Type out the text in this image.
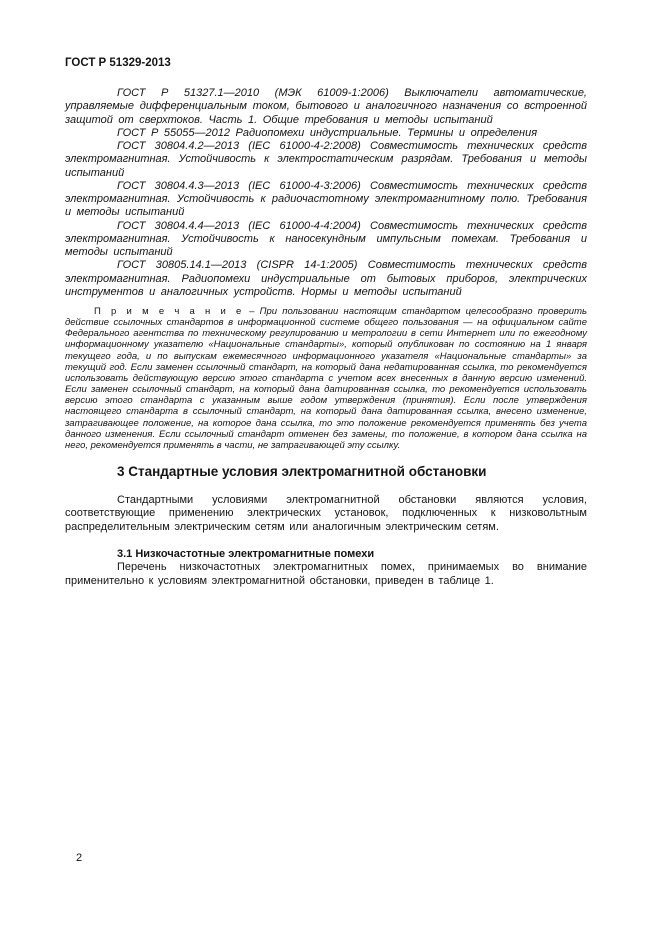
ГОСТ Р 51329-2013

ГОСТ Р 51327.1—2010 (МЭК 61009-1:2006) Выключатели автоматические, управляемые дифференциальным током, бытового и аналогичного назначения со встроенной защитой от сверхтоков. Часть 1. Общие требования и методы испытаний

ГОСТ Р 55055—2012 Радиопомехи индустриальные. Термины и определения

ГОСТ 30804.4.2—2013 (IEC 61000-4-2:2008) Совместимость технических средств электромагнитная. Устойчивость к электростатическим разрядам. Требования и методы испытаний

ГОСТ 30804.4.3—2013 (IEC 61000-4-3:2006) Совместимость технических средств электромагнитная. Устойчивость к радиочастотному электромагнитному полю. Требования и методы испытаний

ГОСТ 30804.4.4—2013 (IEC 61000-4-4:2004) Совместимость технических средств электромагнитная. Устойчивость к наносекундным импульсным помехам. Требования и методы испытаний

ГОСТ 30805.14.1—2013 (CISPR 14-1:2005) Совместимость технических средств электромагнитная. Радиопомехи индустриальные от бытовых приборов, электрических инструментов и аналогичных устройств. Нормы и методы испытаний

П р и м е ч а н и е – При пользовании настоящим стандартом целесообразно проверить действие ссылочных стандартов в информационной системе общего пользования — на официальном сайте Федерального агентства по техническому регулированию и метрологии в сети Интернет или по ежегодному информационному указателю «Национальные стандарты», который опубликован по состоянию на 1 января текущего года, и по выпускам ежемесячного информационного указателя «Национальные стандарты» за текущий год. Если заменен ссылочный стандарт, на который дана недатированная ссылка, то рекомендуется использовать действующую версию этого стандарта с учетом всех внесенных в данную версию изменений. Если заменен ссылочный стандарт, на который дана датированная ссылка, то рекомендуется использовать версию этого стандарта с указанным выше годом утверждения (принятия). Если после утверждения настоящего стандарта в ссылочный стандарт, на который дана датированная ссылка, внесено изменение, затрагивающее положение, на которое дана ссылка, то это положение рекомендуется применять без учета данного изменения. Если ссылочный стандарт отменен без замены, то положение, в котором дана ссылка на него, рекомендуется применять в части, не затрагивающей эту ссылку.
3 Стандартные условия электромагнитной обстановки

Стандартными условиями электромагнитной обстановки являются условия, соответствующие применению электрических установок, подключенных к низковольтным распределительным электрическим сетям или аналогичным электрическим сетям.

3.1 Низкочастотные электромагнитные помехи

Перечень низкочастотных электромагнитных помех, принимаемых во внимание применительно к условиям электромагнитной обстановки, приведен в таблице 1.

2
